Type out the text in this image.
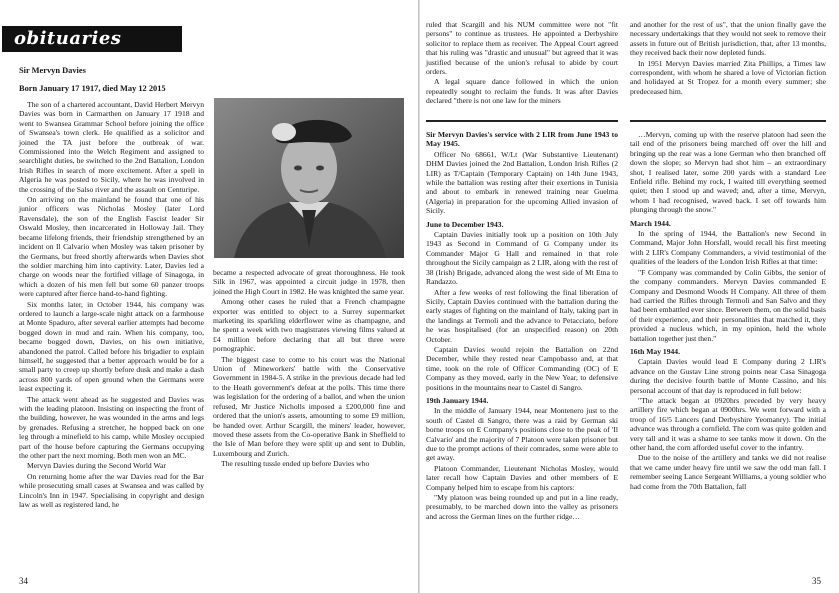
obituaries
Sir Mervyn Davies
Born January 17 1917, died May 12 2015

The son of a chartered accountant, David Herbert Mervyn Davies was born in Carmarthen on January 17 1918 and went to Swansea Grammar School before joining the office of Swansea's town clerk. He qualified as a solicitor and joined the TA just before the outbreak of war. Commissioned into the Welch Regiment and assigned to searchlight duties, he switched to the 2nd Battalion, London Irish Rifles in search of more excitement. After a spell in Algeria he was posted to Sicily, where he was involved in the crossing of the Salso river and the assault on Centuripe.

On arriving on the mainland he found that one of his junior officers was Nicholas Mosley (later Lord Ravensdale), the son of the English Fascist leader Sir Oswald Mosley, then incarcerated in Holloway Jail. They became lifelong friends, their friendship strengthened by an incident on Il Calvario when Mosley was taken prisoner by the Germans, but freed shortly afterwards when Davies shot the soldier marching him into captivity. Later, Davies led a charge on woods near the fortified village of Sinagoga, in which a dozen of his men fell but some 60 panzer troops were captured after fierce hand-to-hand fighting.

Six months later, in October 1944, his company was ordered to launch a large-scale night attack on a farmhouse at Monte Spaduro, after several earlier attempts had become bogged down in mud and rain. When his company, too, became bogged down, Davies, on his own initiative, abandoned the patrol. Called before his brigadier to explain himself, he suggested that a better approach would be for a small party to creep up shortly before dusk and make a dash across 800 yards of open ground when the Germans were least expecting it.

The attack went ahead as he suggested and Davies was with the leading platoon. Insisting on inspecting the front of the building, however, he was wounded in the arms and legs by grenades. Refusing a stretcher, he hopped back on one leg through a minefield to his camp, while Mosley occupied part of the house before capturing the Germans occupying the other part the next morning. Both men won an MC.

Mervyn Davies during the Second World War

On returning home after the war Davies read for the Bar while prosecuting small cases at Swansea and was called by Lincoln's Inn in 1947. Specialising in copyright and design law as well as registered land, he

became a respected advocate of great thoroughness. He took Silk in 1967, was appointed a circuit judge in 1978, then joined the High Court in 1982. He was knighted the same year.

Among other cases he ruled that a French champagne exporter was entitled to object to a Surrey supermarket marketing its sparkling elderflower wine as champagne, and he spent a week with two magistrates viewing films valued at £4 million before declaring that all but three were pornographic.

The biggest case to come to his court was the National Union of Mineworkers' battle with the Conservative Government in 1984-5. A strike in the previous decade had led to the Heath government's defeat at the polls. This time there was legislation for the ordering of a ballot, and when the union refused, Mr Justice Nicholls imposed a £200,000 fine and ordered that the union's assets, amounting to some £9 million, be handed over. Arthur Scargill, the miners' leader, however, moved these assets from the Co-operative Bank in Sheffield to the Isle of Man before they were split up and sent to Dublin, Luxembourg and Zurich.

The resulting tussle ended up before Davies who

34

ruled that Scargill and his NUM committee were not "fit persons" to continue as trustees. He appointed a Derbyshire solicitor to replace them as receiver. The Appeal Court agreed that his ruling was "drastic and unusual" but agreed that it was justified because of the union's refusal to abide by court orders.

A legal square dance followed in which the union repeatedly sought to reclaim the funds. It was after Davies declared "there is not one law for the miners

and another for the rest of us", that the union finally gave the necessary undertakings that they would not seek to remove their assets in future out of British jurisdiction, that, after 13 months, they received back their now depleted funds.

In 1951 Mervyn Davies married Zita Phillips, a Times law correspondent, with whom he shared a love of Victorian fiction and holidayed at St Tropez for a month every summer; she predeceased him.

Sir Mervyn Davies's service with 2 LIR from June 1943 to May 1945.

Officer No 68661, W/Lt (War Substantive Lieutenant) DHM Davies joined the 2nd Battalion, London Irish Rifles (2 LIR) as T/Captain (Temporary Captain) on 14th June 1943, while the battalion was resting after their exertions in Tunisia and about to embark in renewed training near Guelma (Algeria) in preparation for the upcoming Allied invasion of Sicily.

June to December 1943.

Captain Davies initially took up a position on 10th July 1943 as Second in Command of G Company under its Commander Major G Hall and remained in that role throughout the Sicily campaign as 2 LIR, along with the rest of 38 (Irish) Brigade, advanced along the west side of Mt Etna to Randazzo.

After a few weeks of rest following the final liberation of Sicily, Captain Davies continued with the battalion during the early stages of fighting on the mainland of Italy, taking part in the landings at Termoli and the advance to Petacciato, before he was hospitalised (for an unspecified reason) on 20th October.

Captain Davies would rejoin the Battalion on 22nd December, while they rested near Campobasso and, at that time, took on the role of Officer Commanding (OC) of E Company as they moved, early in the New Year, to defensive positions in the mountains near to Castel di Sangro.

19th January 1944.

In the middle of January 1944, near Montenero just to the south of Castel di Sangro, there was a raid by German ski borne troops on E Company's positions close to the peak of 'Il Calvario' and the majority of 7 Platoon were taken prisoner but due to the prompt actions of their comrades, some were able to get away.

Platoon Commander, Lieutenant Nicholas Mosley, would later recall how Captain Davies and other members of E Company helped him to escape from his captors:

"My platoon was being rounded up and put in a line ready, presumably, to be marched down into the valley as prisoners and across the German lines on the further ridge…

…Mervyn, coming up with the reserve platoon had seen the tail end of the prisoners being marched off over the hill and bringing up the rear was a lone German who then branched off down the slope; so Mervyn had shot him – an extraordinary shot, I realised later, some 200 yards with a standard Lee Enfield rifle. Behind my rock, I waited till everything seemed quiet; then I stood up and waved; and, after a time, Mervyn, whom I had recognised, waved back. I set off towards him plunging through the snow."

March 1944.

In the spring of 1944, the Battalion's new Second in Command, Major John Horsfall, would recall his first meeting with 2 LIR's Company Commanders, a vivid testimonial of the qualities of the leaders of the London Irish Rifles at that time:

"F Company was commanded by Colin Gibbs, the senior of the company commanders. Mervyn Davies commanded E Company and Desmond Woods H Company. All three of them had carried the Rifles through Termoli and San Salvo and they had been embattled ever since. Between them, on the solid basis of their experience, and their personalities that matched it, they provided a nucleus which, in my opinion, held the whole battalion together just then."

16th May 1944.

Captain Davies would lead E Company during 2 LIR's advance on the Gustav Line strong points near Casa Sinagoga during the decisive fourth battle of Monte Cassino, and his personal account of that day is reproduced in full below:

"The attack began at 0920hrs preceded by very heavy artillery fire which began at 0900hrs. We went forward with a troop of 16/5 Lancers (and Derbyshire Yeomanry). The initial advance was through a cornfield. The corn was quite golden and very tall and it was a shame to see tanks mow it down. On the other hand, the corn afforded useful cover to the infantry.

Due to the noise of the artillery and tanks we did not realise that we came under heavy fire until we saw the odd man fall. I remember seeing Lance Sergeant Williams, a young soldier who had come from the 70th Battalion, fall

35
